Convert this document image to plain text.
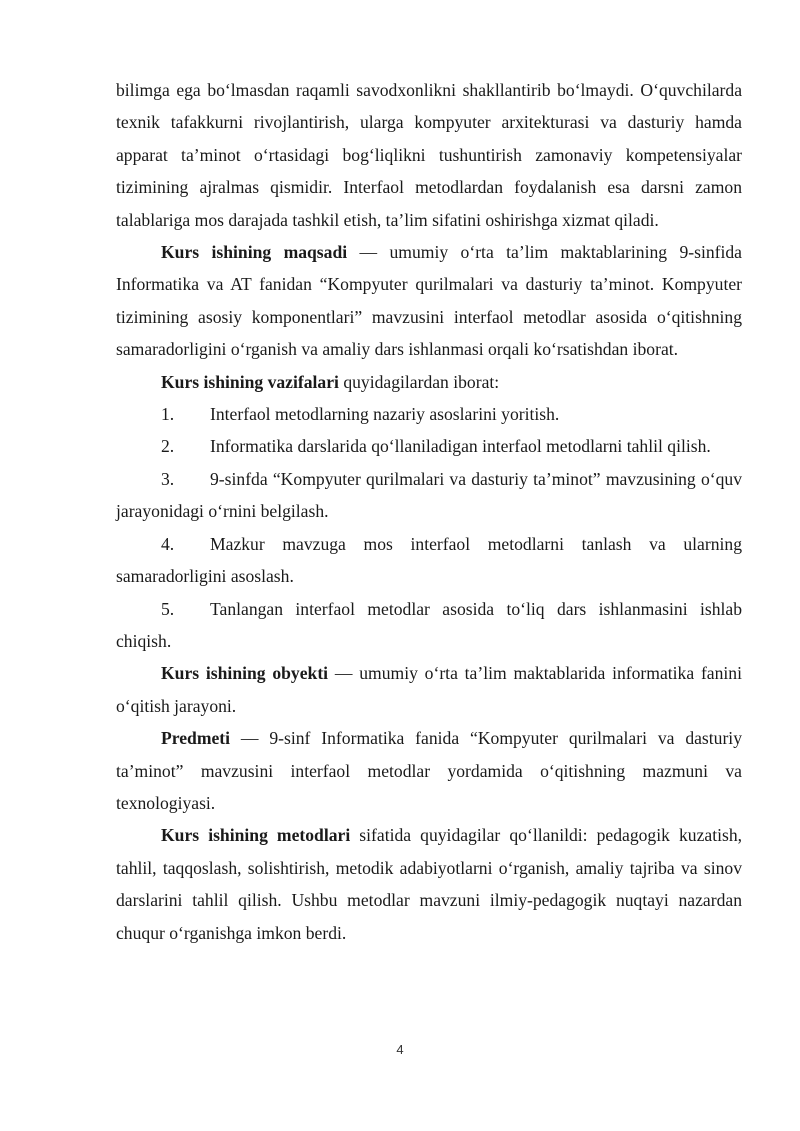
bilimga ega bo‘lmasdan raqamli savodxonlikni shakllantirib bo‘lmaydi. O‘quvchilarda texnik tafakkurni rivojlantirish, ularga kompyuter arxitekturasi va dasturiy hamda apparat ta’minot o‘rtasidagi bog‘liqlikni tushuntirish zamonaviy kompetensiyalar tizimining ajralmas qismidir. Interfaol metodlardan foydalanish esa darsni zamon talablariga mos darajada tashkil etish, ta’lim sifatini oshirishga xizmat qiladi.

Kurs ishining maqsadi — umumiy o‘rta ta’lim maktablarining 9-sinfida Informatika va AT fanidan “Kompyuter qurilmalari va dasturiy ta’minot. Kompyuter tizimining asosiy komponentlari” mavzusini interfaol metodlar asosida o‘qitishning samaradorligini o‘rganish va amaliy dars ishlanmasi orqali ko‘rsatishdan iborat.

Kurs ishining vazifalari quyidagilardan iborat:

1. Interfaol metodlarning nazariy asoslarini yoritish.

2. Informatika darslarida qo‘llaniladigan interfaol metodlarni tahlil qilish.

3. 9-sinfda “Kompyuter qurilmalari va dasturiy ta’minot” mavzusining o‘quv jarayonidagi o‘rnini belgilash.

4. Mazkur mavzuga mos interfaol metodlarni tanlash va ularning samaradorligini asoslash.

5. Tanlangan interfaol metodlar asosida to‘liq dars ishlanmasini ishlab chiqish.

Kurs ishining obyekti — umumiy o‘rta ta’lim maktablarida informatika fanini o‘qitish jarayoni.

Predmeti — 9-sinf Informatika fanida “Kompyuter qurilmalari va dasturiy ta’minot” mavzusini interfaol metodlar yordamida o‘qitishning mazmuni va texnologiyasi.

Kurs ishining metodlari sifatida quyidagilar qo‘llanildi: pedagogik kuzatish, tahlil, taqqoslash, solishtirish, metodik adabiyotlarni o‘rganish, amaliy tajriba va sinov darslarini tahlil qilish. Ushbu metodlar mavzuni ilmiy-pedagogik nuqtayi nazardan chuqur o‘rganishga imkon berdi.

4
